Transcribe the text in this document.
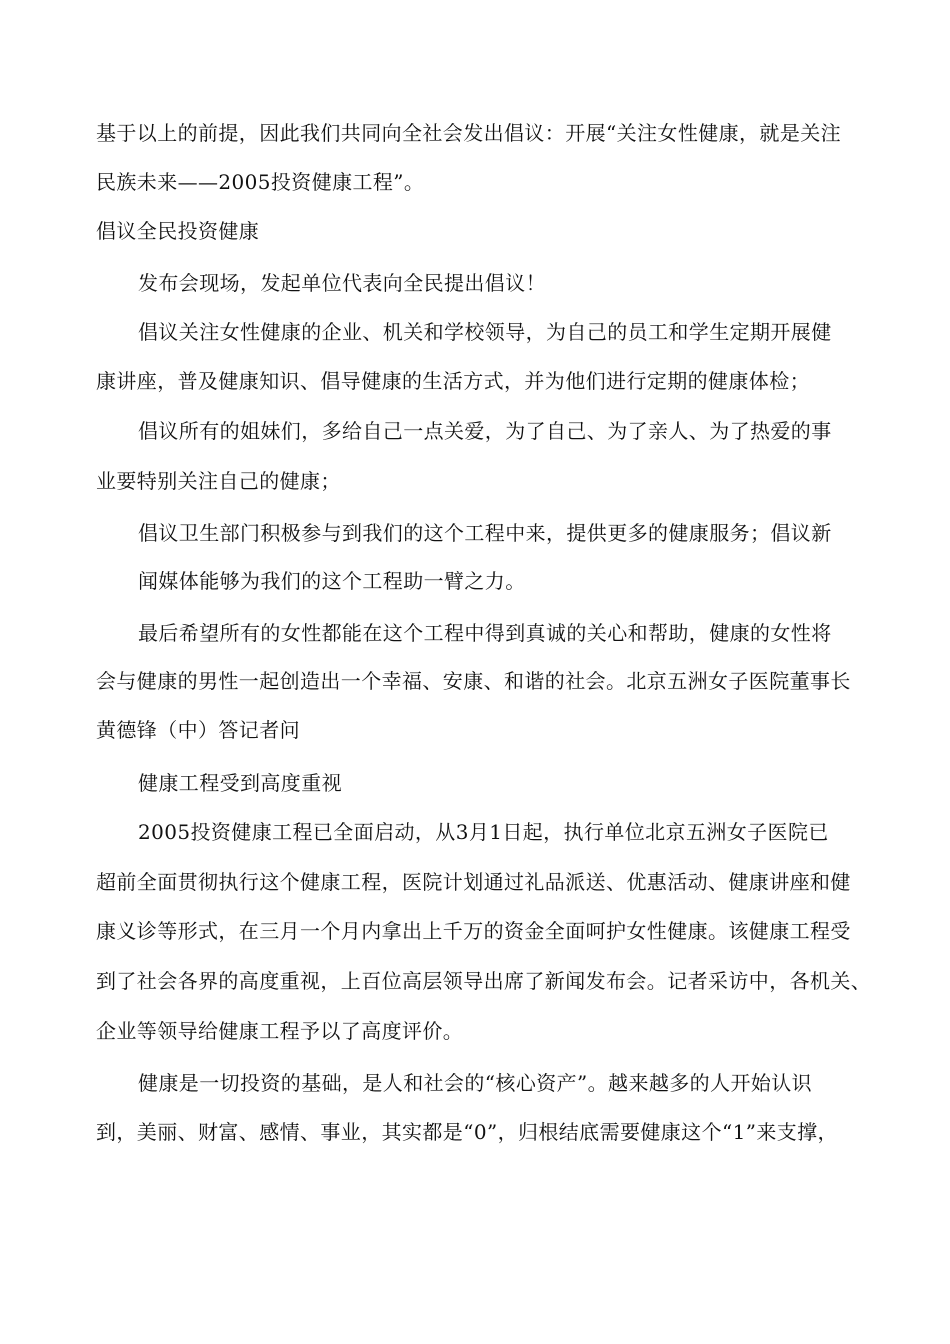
基于以上的前提，因此我们共同向全社会发出倡议：开展“关注女性健康，就是关注
民族未来——2005投资健康工程”。
倡议全民投资健康
发布会现场，发起单位代表向全民提出倡议！
倡议关注女性健康的企业、机关和学校领导，为自己的员工和学生定期开展健
康讲座，普及健康知识、倡导健康的生活方式，并为他们进行定期的健康体检；
倡议所有的姐妹们，多给自己一点关爱，为了自己、为了亲人、为了热爱的事
业要特别关注自己的健康；
倡议卫生部门积极参与到我们的这个工程中来，提供更多的健康服务；倡议新
闻媒体能够为我们的这个工程助一臂之力。
最后希望所有的女性都能在这个工程中得到真诚的关心和帮助，健康的女性将
会与健康的男性一起创造出一个幸福、安康、和谐的社会。北京五洲女子医院董事长
黄德锋（中）答记者问
健康工程受到高度重视
2005投资健康工程已全面启动，从3月1日起，执行单位北京五洲女子医院已
超前全面贯彻执行这个健康工程，医院计划通过礼品派送、优惠活动、健康讲座和健
康义诊等形式，在三月一个月内拿出上千万的资金全面呵护女性健康。该健康工程受
到了社会各界的高度重视，上百位高层领导出席了新闻发布会。记者采访中，各机关、
企业等领导给健康工程予以了高度评价。
健康是一切投资的基础，是人和社会的“核心资产”。越来越多的人开始认识
到，美丽、财富、感情、事业，其实都是“0”，归根结底需要健康这个“1”来支撑，
